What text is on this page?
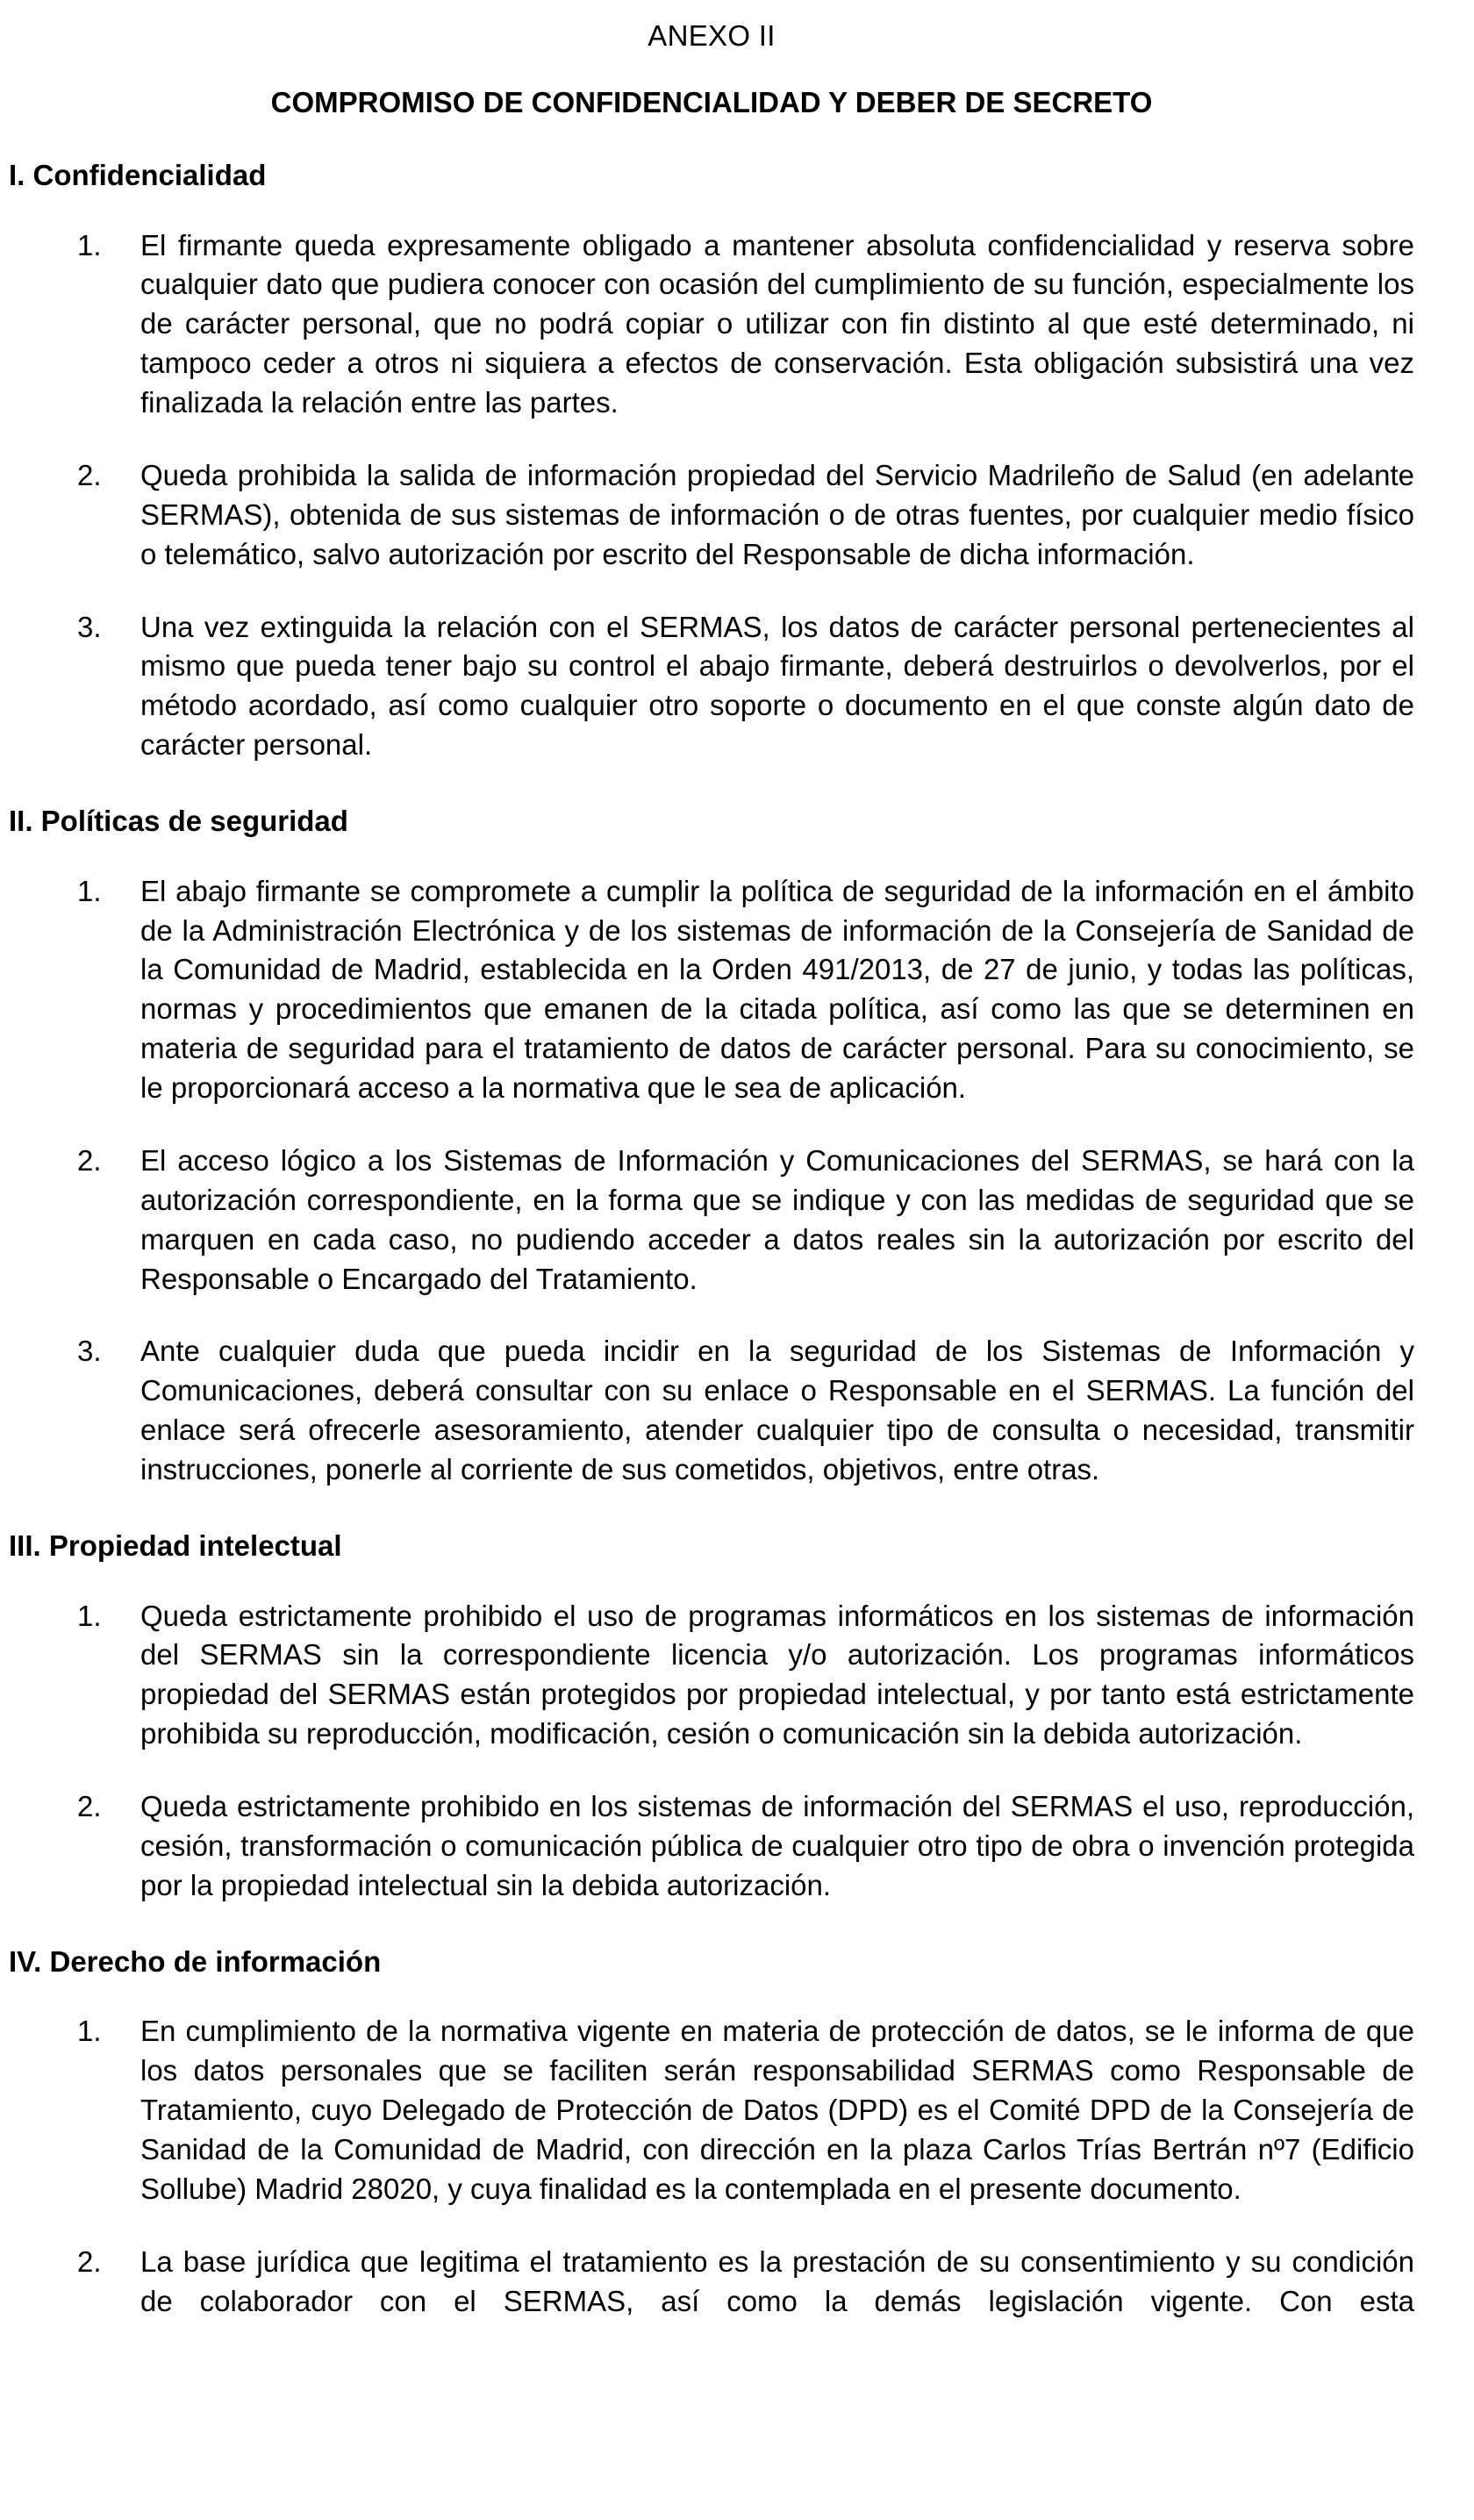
ANEXO II
COMPROMISO DE CONFIDENCIALIDAD Y DEBER DE SECRETO
I. Confidencialidad
1.	El firmante queda expresamente obligado a mantener absoluta confidencialidad y reserva sobre cualquier dato que pudiera conocer con ocasión del cumplimiento de su función, especialmente los de carácter personal, que no podrá copiar o utilizar con fin distinto al que esté determinado, ni tampoco ceder a otros ni siquiera a efectos de conservación. Esta obligación subsistirá una vez finalizada la relación entre las partes.
2.	Queda prohibida la salida de información propiedad del Servicio Madrileño de Salud (en adelante SERMAS), obtenida de sus sistemas de información o de otras fuentes, por cualquier medio físico o telemático, salvo autorización por escrito del Responsable de dicha información.
3.	Una vez extinguida la relación con el SERMAS, los datos de carácter personal pertenecientes al mismo que pueda tener bajo su control el abajo firmante, deberá destruirlos o devolverlos, por el método acordado, así como cualquier otro soporte o documento en el que conste algún dato de carácter personal.
II. Políticas de seguridad
1.	El abajo firmante se compromete a cumplir la política de seguridad de la información en el ámbito de la Administración Electrónica y de los sistemas de información de la Consejería de Sanidad de la Comunidad de Madrid, establecida en la Orden 491/2013, de 27 de junio, y todas las políticas, normas y procedimientos que emanen de la citada política, así como las que se determinen en materia de seguridad para el tratamiento de datos de carácter personal. Para su conocimiento, se le proporcionará acceso a la normativa que le sea de aplicación.
2.	El acceso lógico a los Sistemas de Información y Comunicaciones del SERMAS, se hará con la autorización correspondiente, en la forma que se indique y con las medidas de seguridad que se marquen en cada caso, no pudiendo acceder a datos reales sin la autorización por escrito del Responsable o Encargado del Tratamiento.
3.	Ante cualquier duda que pueda incidir en la seguridad de los Sistemas de Información y Comunicaciones, deberá consultar con su enlace o Responsable en el SERMAS. La función del enlace será ofrecerle asesoramiento, atender cualquier tipo de consulta o necesidad, transmitir instrucciones, ponerle al corriente de sus cometidos, objetivos, entre otras.
III. Propiedad intelectual
1.	Queda estrictamente prohibido el uso de programas informáticos en los sistemas de información del SERMAS sin la correspondiente licencia y/o autorización. Los programas informáticos propiedad del SERMAS están protegidos por propiedad intelectual, y por tanto está estrictamente prohibida su reproducción, modificación, cesión o comunicación sin la debida autorización.
2.	Queda estrictamente prohibido en los sistemas de información del SERMAS el uso, reproducción, cesión, transformación o comunicación pública de cualquier otro tipo de obra o invención protegida por la propiedad intelectual sin la debida autorización.
IV. Derecho de información
1.	En cumplimiento de la normativa vigente en materia de protección de datos, se le informa de que los datos personales que se faciliten serán responsabilidad SERMAS como Responsable de Tratamiento, cuyo Delegado de Protección de Datos (DPD) es el Comité DPD de la Consejería de Sanidad de la Comunidad de Madrid, con dirección en la plaza Carlos Trías Bertrán nº7 (Edificio Sollube) Madrid 28020, y cuya finalidad es la contemplada en el presente documento.
2.	La base jurídica que legitima el tratamiento es la prestación de su consentimiento y su condición de colaborador con el SERMAS, así como la demás legislación vigente. Con esta
